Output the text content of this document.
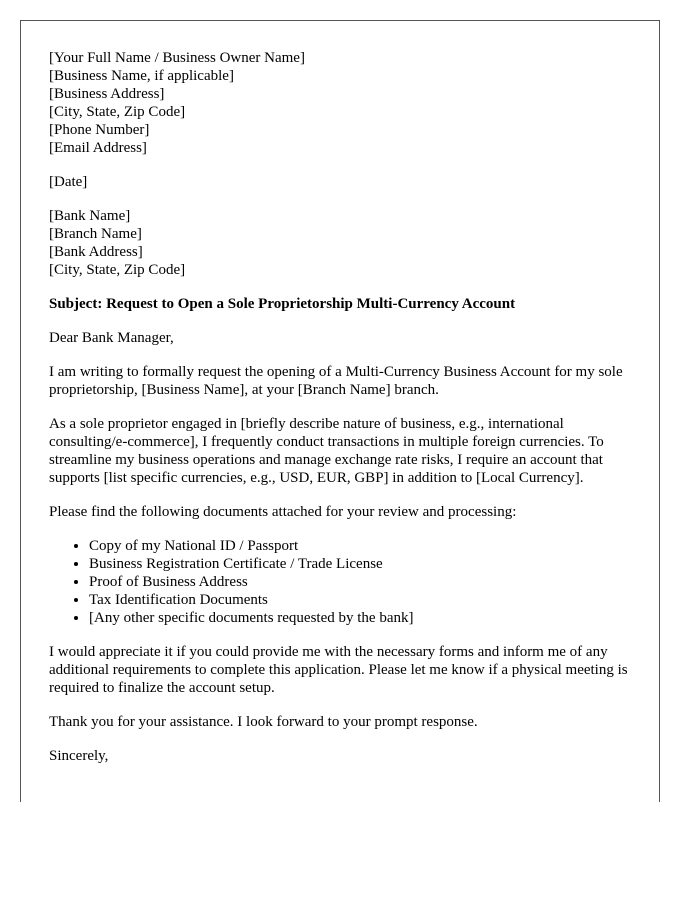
[Your Full Name / Business Owner Name]
[Business Name, if applicable]
[Business Address]
[City, State, Zip Code]
[Phone Number]
[Email Address]
[Date]
[Bank Name]
[Branch Name]
[Bank Address]
[City, State, Zip Code]

Subject: Request to Open a Sole Proprietorship Multi-Currency Account

Dear Bank Manager,

I am writing to formally request the opening of a Multi-Currency Business Account for my sole proprietorship, [Business Name], at your [Branch Name] branch.

As a sole proprietor engaged in [briefly describe nature of business, e.g., international consulting/e-commerce], I frequently conduct transactions in multiple foreign currencies. To streamline my business operations and manage exchange rate risks, I require an account that supports [list specific currencies, e.g., USD, EUR, GBP] in addition to [Local Currency].

Please find the following documents attached for your review and processing:

• Copy of my National ID / Passport
• Business Registration Certificate / Trade License
• Proof of Business Address
• Tax Identification Documents
• [Any other specific documents requested by the bank]

I would appreciate it if you could provide me with the necessary forms and inform me of any additional requirements to complete this application. Please let me know if a physical meeting is required to finalize the account setup.

Thank you for your assistance. I look forward to your prompt response.

Sincerely,
